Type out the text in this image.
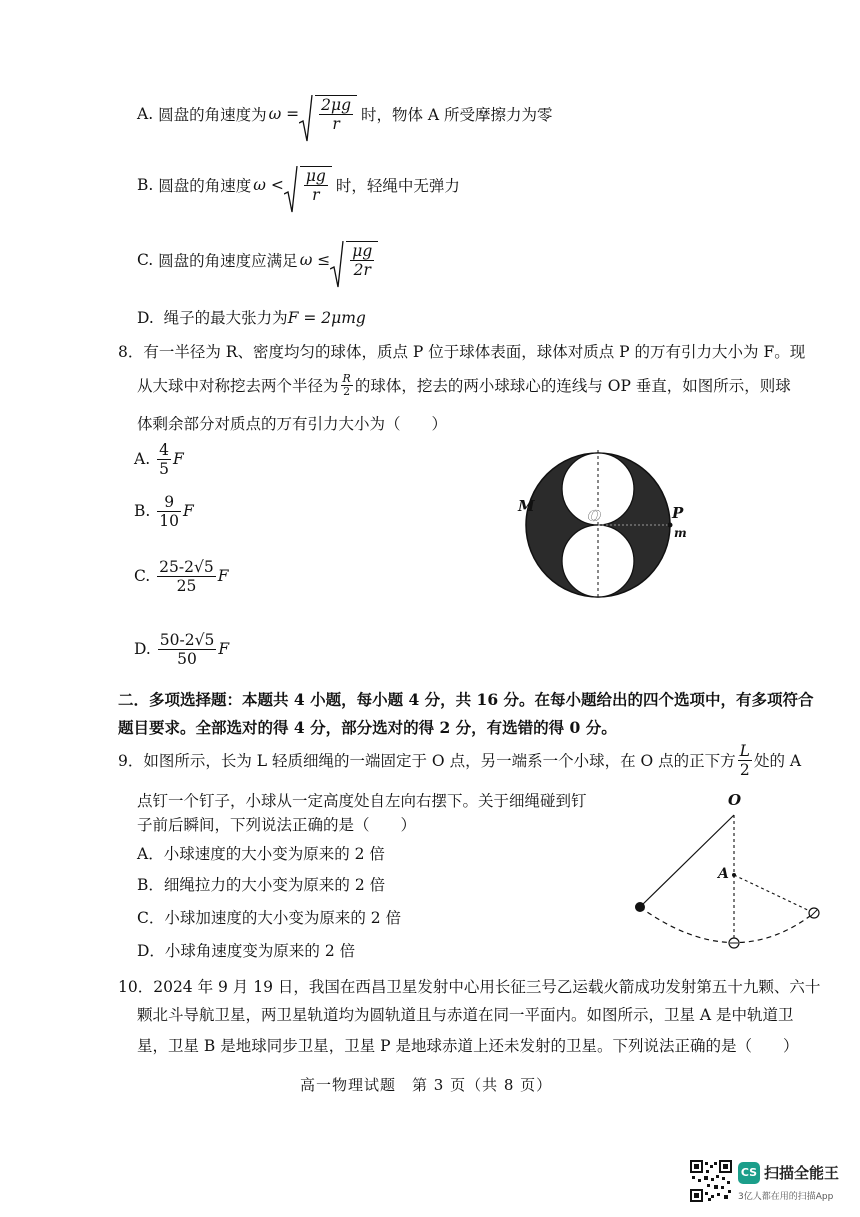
A.
圆盘的角速度为 $\omega = \frac{2\mu g}{r}$ 时，物体 A 所受摩擦力为零
B.
圆盘的角速度 $\omega < \frac{\mu g}{r}$ 时，轻绳中无弹力
C.
圆盘的角速度应满足 $\omega \le \frac{\mu g}{2r}$
D. 绳子的最大张力为F = 2μmg
8．有一半径为 R、密度均匀的球体，质点 P 位于球体表面，球体对质点 P 的万有引力大小为 F。现
从大球中对称挖去两个半径为 $\frac{R}{2}$ 的球体，挖去的两小球球心的连线与 OP 垂直，如图所示，则球
体剩余部分对质点的万有引力大小为（　　）
A.
$\frac{4}{5}$ F
B.
$\frac{9}{10}$ F
C.
$\frac{25-2√5}{25}$ F
D.
$\frac{50-2√5}{50}$ F
M
O	P
m
二．多项选择题：本题共 4 小题，每小题 4 分，共 16 分。在每小题给出的四个选项中，有多项符合
题目要求。全部选对的得 4 分，部分选对的得 2 分，有选错的得 0 分。
9．如图所示，长为 L 轻质细绳的一端固定于 O 点，另一端系一个小球，在 O 点的正下方 $\frac{L}{2}$ 处的 A
点钉一个钉子，小球从一定高度处自左向右摆下。关于细绳碰到钉
子前后瞬间，下列说法正确的是（　　）
A．小球速度的大小变为原来的 2 倍
B．细绳拉力的大小变为原来的 2 倍
C．小球加速度的大小变为原来的 2 倍
D．小球角速度变为原来的 2 倍
O
A
10．2024 年 9 月 19 日，我国在西昌卫星发射中心用长征三号乙运载火箭成功发射第五十九颗、六十
颗北斗导航卫星，两卫星轨道均为圆轨道且与赤道在同一平面内。如图所示，卫星 A 是中轨道卫
星，卫星 B 是地球同步卫星，卫星 P 是地球赤道上还未发射的卫星。下列说法正确的是（　　）
高一物理试题　第 3 页（共 8 页）
CS 扫描全能王
3亿人都在用的扫描App
